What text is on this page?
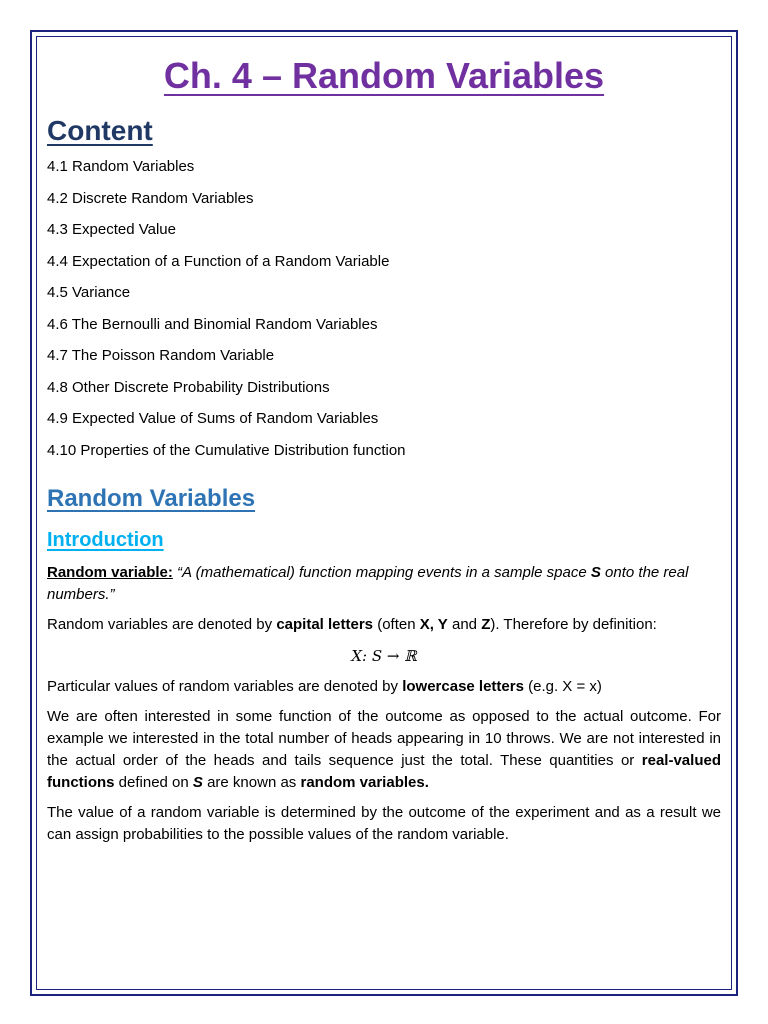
Ch. 4 – Random Variables
Content
4.1 Random Variables
4.2 Discrete Random Variables
4.3 Expected Value
4.4 Expectation of a Function of a Random Variable
4.5 Variance
4.6 The Bernoulli and Binomial Random Variables
4.7 The Poisson Random Variable
4.8 Other Discrete Probability Distributions
4.9 Expected Value of Sums of Random Variables
4.10 Properties of the Cumulative Distribution function
Random Variables
Introduction

Random variable: “A (mathematical) function mapping events in a sample space S onto the real numbers.”

Random variables are denoted by capital letters (often X, Y and Z). Therefore by definition:

X: S → ℝ

Particular values of random variables are denoted by lowercase letters (e.g. X = x)

We are often interested in some function of the outcome as opposed to the actual outcome. For example we interested in the total number of heads appearing in 10 throws. We are not interested in the actual order of the heads and tails sequence just the total. These quantities or real-valued functions defined on S are known as random variables.

The value of a random variable is determined by the outcome of the experiment and as a result we can assign probabilities to the possible values of the random variable.
